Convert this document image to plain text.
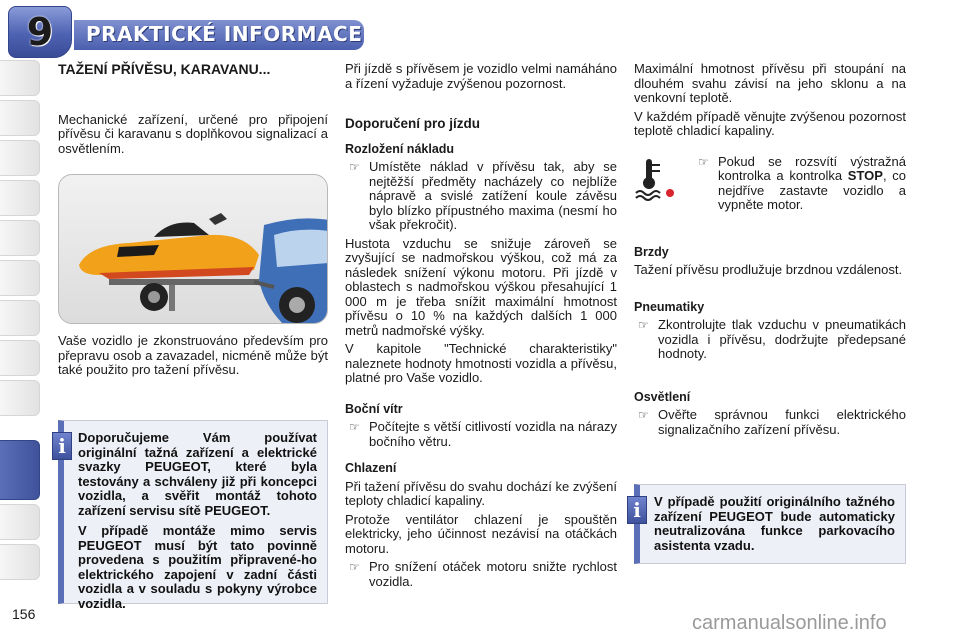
9	PRAKTICKÉ INFORMACE
TAŽENÍ PŘÍVĚSU, KARAVANU...
Mechanické zařízení, určené pro připojení přívěsu či karavanu s doplňkovou signalizací a osvětlením.
Vaše vozidlo je zkonstruováno především pro přepravu osob a zavazadel, nicméně může být také použito pro tažení přívěsu.

Doporučujeme Vám používat originální tažná zařízení a elektrické svazky PEUGEOT, které byla testovány a schváleny již při koncepci vozidla, a svěřit montáž tohoto zařízení servisu sítě PEUGEOT.

V případě montáže mimo servis PEUGEOT musí být tato povinně provedena s použitím připravené-ho elektrického zapojení v zadní části vozidla a v souladu s pokyny výrobce vozidla.

i
Při jízdě s přívěsem je vozidlo velmi namáháno a řízení vyžaduje zvýšenou pozornost.
Doporučení pro jízdu
Rozložení nákladu
☞ Umístěte náklad v přívěsu tak, aby se nejtěžší předměty nacházely co nejblíže nápravě a svislé zatížení koule závěsu bylo blízko přípustného maxima (nesmí ho však překročit).
Hustota vzduchu se snižuje zároveň se zvyšující se nadmořskou výškou, což má za následek snížení výkonu motoru. Při jízdě v oblastech s nadmořskou výškou přesahující 1 000 m je třeba snížit maximální hmotnost přívěsu o 10 % na každých dalších 1 000 metrů nadmořské výšky.
V kapitole "Technické charakteristiky" naleznete hodnoty hmotnosti vozidla a přívěsu, platné pro Vaše vozidlo.
Boční vítr
☞ Počítejte s větší citlivostí vozidla na nárazy bočního větru.
Chlazení
Při tažení přívěsu do svahu dochází ke zvýšení teploty chladicí kapaliny.
Protože ventilátor chlazení je spouštěn elektricky, jeho účinnost nezávisí na otáčkách motoru.
☞ Pro snížení otáček motoru snižte rychlost vozidla.
Maximální hmotnost přívěsu při stoupání na dlouhém svahu závisí na jeho sklonu a na venkovní teplotě.
V každém případě věnujte zvýšenou pozornost teplotě chladicí kapaliny.
☞ Pokud se rozsvítí výstražná kontrolka a kontrolka STOP, co nejdříve zastavte vozidlo a vypněte motor.
Brzdy
Tažení přívěsu prodlužuje brzdnou vzdálenost.
Pneumatiky
☞ Zkontrolujte tlak vzduchu v pneumatikách vozidla i přívěsu, dodržujte předepsané hodnoty.
Osvětlení
☞ Ověřte správnou funkci elektrického signalizačního zařízení přívěsu.

V případě použití originálního tažného zařízení PEUGEOT bude automaticky neutralizována funkce parkovacího asistenta vzadu.

i
156	carmanualsonline.info
